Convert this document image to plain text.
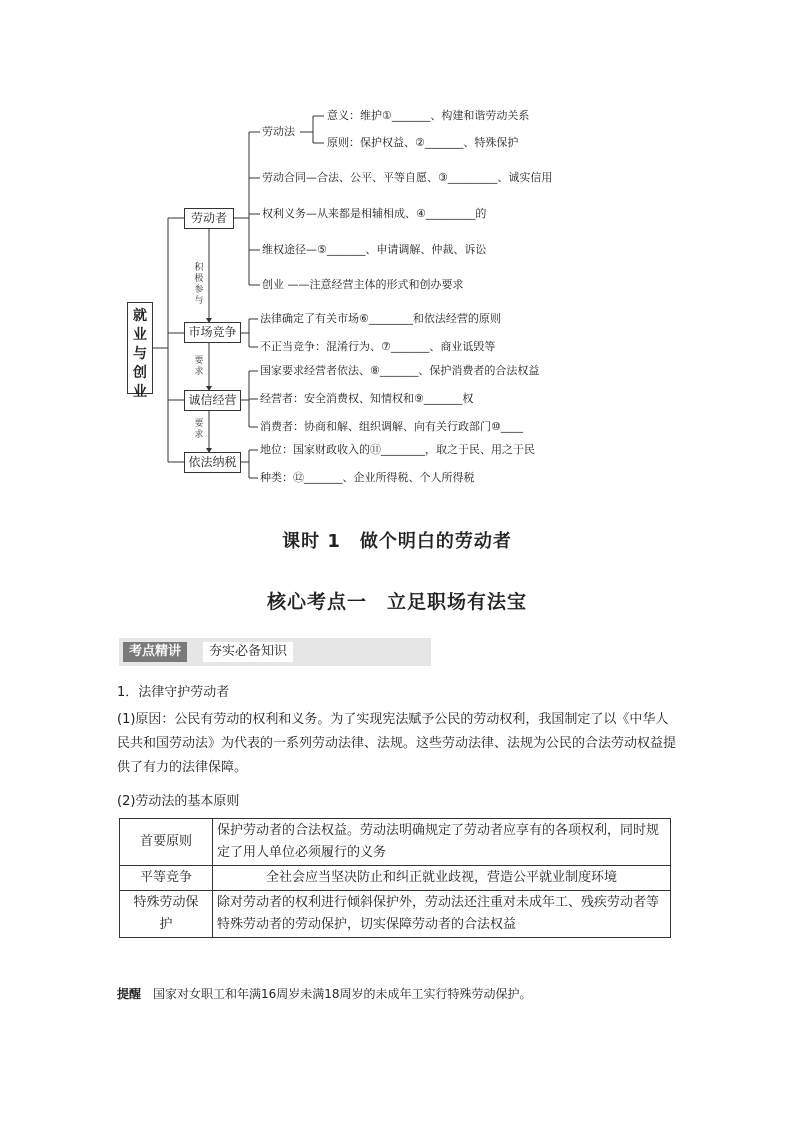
就业与创业
劳动者
市场竞争
诚信经营
依法纳税
积极参与
要求
要求
劳动法
意义：维护①_______、构建和谐劳动关系
原则：保护权益、②_______、特殊保护
劳动合同—合法、公平、平等自愿、③_________、诚实信用
权利义务—从来都是相辅相成、④_________的
维权途径—⑤_______、申请调解、仲裁、诉讼
创业 ——注意经营主体的形式和创办要求
法律确定了有关市场⑥________和依法经营的原则
不正当竞争：混淆行为、⑦_______、商业诋毁等
国家要求经营者依法、⑧_______、保护消费者的合法权益
经营者：安全消费权、知情权和⑨_______权
消费者：协商和解、组织调解、向有关行政部门⑩____
地位：国家财政收入的⑪________，取之于民、用之于民
种类：⑫_______、企业所得税、个人所得税
课时 1　做个明白的劳动者
核心考点一　立足职场有法宝
考点精讲	夯实必备知识
1．法律守护劳动者
(1)原因：公民有劳动的权利和义务。为了实现宪法赋予公民的劳动权利，我国制定了以《中华人民共和国劳动法》为代表的一系列劳动法律、法规。这些劳动法律、法规为公民的合法劳动权益提供了有力的法律保障。
(2)劳动法的基本原则
首要原则	保护劳动者的合法权益。劳动法明确规定了劳动者应享有的各项权利，同时规定了用人单位必须履行的义务
平等竞争	全社会应当坚决防止和纠正就业歧视，营造公平就业制度环境
特殊劳动保护	除对劳动者的权利进行倾斜保护外，劳动法还注重对未成年工、残疾劳动者等特殊劳动者的劳动保护，切实保障劳动者的合法权益
提醒 国家对女职工和年满16周岁未满18周岁的未成年工实行特殊劳动保护。
